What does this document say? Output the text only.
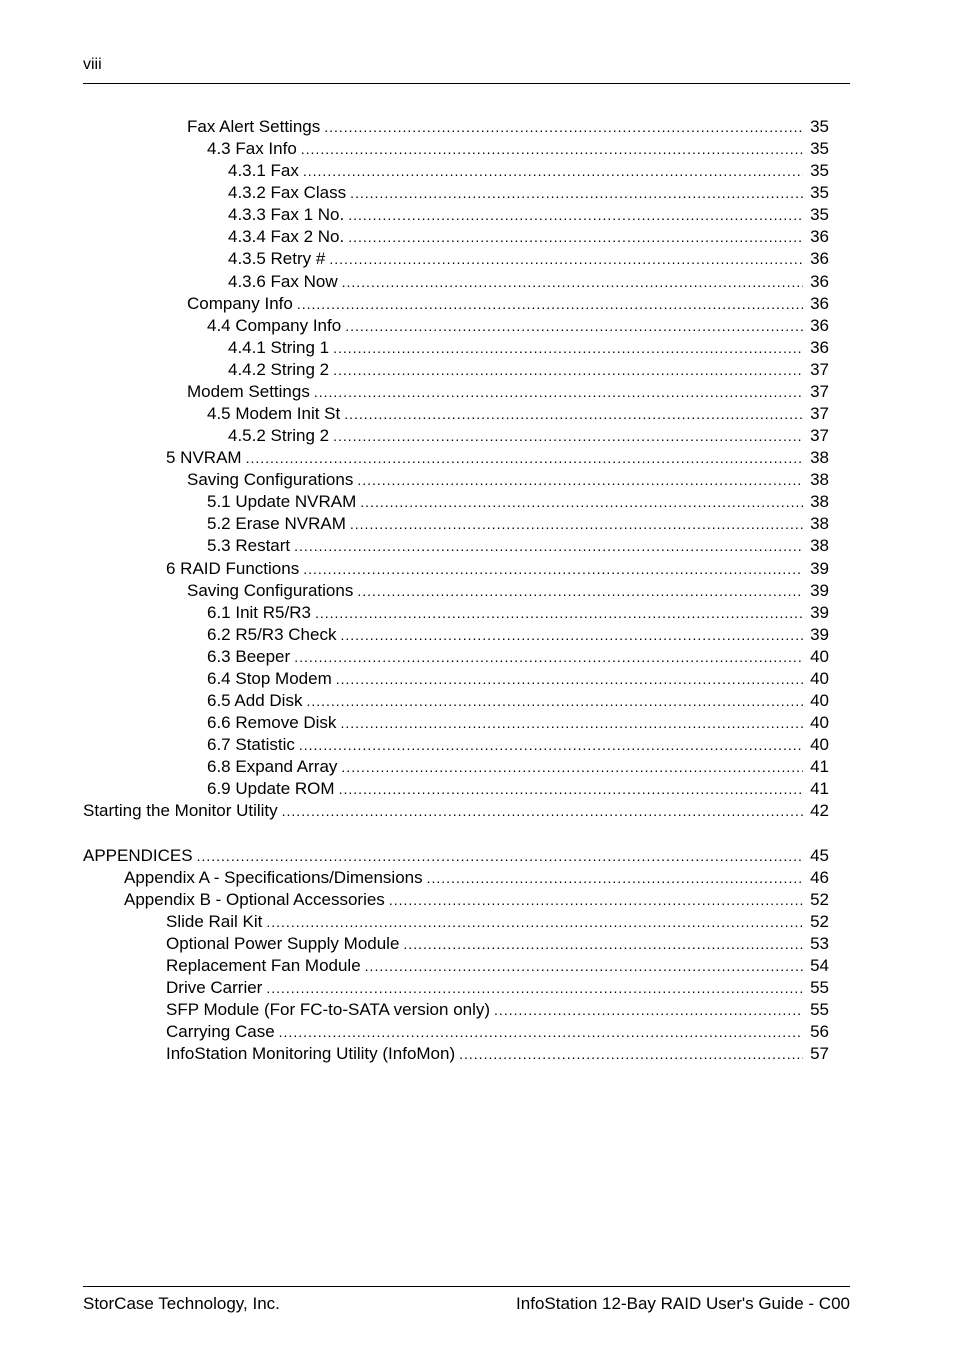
viii
Fax Alert Settings .....	35
4.3 Fax Info .....	35
4.3.1 Fax .....	35
4.3.2 Fax Class .....	35
4.3.3 Fax 1 No. .....	35
4.3.4 Fax 2 No. .....	36
4.3.5 Retry # .....	36
4.3.6 Fax Now .....	36
Company Info .....	36
4.4 Company Info .....	36
4.4.1 String 1 .....	36
4.4.2 String 2 .....	37
Modem Settings .....	37
4.5 Modem Init St .....	37
4.5.2 String 2 .....	37
5 NVRAM .....	38
Saving Configurations .....	38
5.1 Update NVRAM .....	38
5.2 Erase NVRAM .....	38
5.3 Restart .....	38
6 RAID Functions .....	39
Saving Configurations .....	39
6.1 Init R5/R3 .....	39
6.2 R5/R3 Check .....	39
6.3 Beeper .....	40
6.4 Stop Modem .....	40
6.5 Add Disk .....	40
6.6 Remove Disk .....	40
6.7 Statistic .....	40
6.8 Expand Array .....	41
6.9 Update ROM .....	41
Starting the Monitor Utility .....	42
APPENDICES .....	45
Appendix A - Specifications/Dimensions .....	46
Appendix B - Optional Accessories .....	52
Slide Rail Kit .....	52
Optional Power Supply Module .....	53
Replacement Fan Module .....	54
Drive Carrier .....	55
SFP Module (For FC-to-SATA version only) .....	55
Carrying Case .....	56
InfoStation Monitoring Utility (InfoMon) .....	57
StorCase Technology, Inc.	InfoStation 12-Bay RAID User's Guide - C00
